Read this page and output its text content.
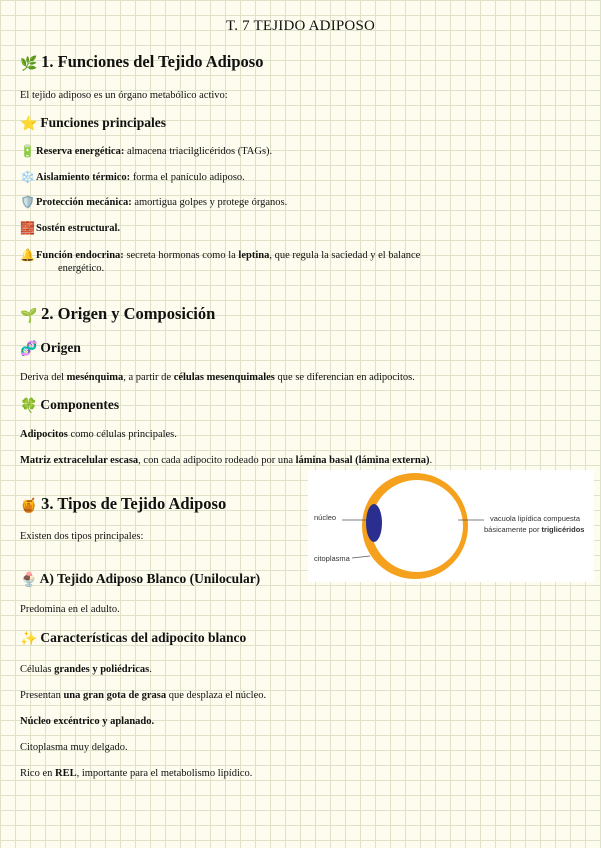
T. 7 TEJIDO ADIPOSO
🌿 1. Funciones del Tejido Adiposo

El tejido adiposo es un órgano metabólico activo:

⭐ Funciones principales
🔋Reserva energética: almacena triacilglicéridos (TAGs).
❄️Aislamiento térmico: forma el panículo adiposo.
🛡️Protección mecánica: amortigua golpes y protege órganos.
🧱Sostén estructural.
🔔Función endocrina: secreta hormonas como la leptina, que regula la saciedad y el balance
energético.
🌱 2. Origen y Composición
🧬 Origen

Deriva del mesénquima, a partir de células mesenquimales que se diferencian en adipocitos.

🍀 Componentes

Adipocitos como células principales.

Matriz extracelular escasa, con cada adipocito rodeado por una lámina basal (lámina externa).

🍯 3. Tipos de Tejido Adiposo

Existen dos tipos principales:

🍨 A) Tejido Adiposo Blanco (Unilocular)

Predomina en el adulto.

✨ Características del adipocito blanco

Células grandes y poliédricas.

Presentan una gran gota de grasa que desplaza el núcleo.

Núcleo excéntrico y aplanado.

Citoplasma muy delgado.

Rico en REL, importante para el metabolismo lipídico.

núcleo
citoplasma
vacuola lipídica compuesta
básicamente por triglicéridos
